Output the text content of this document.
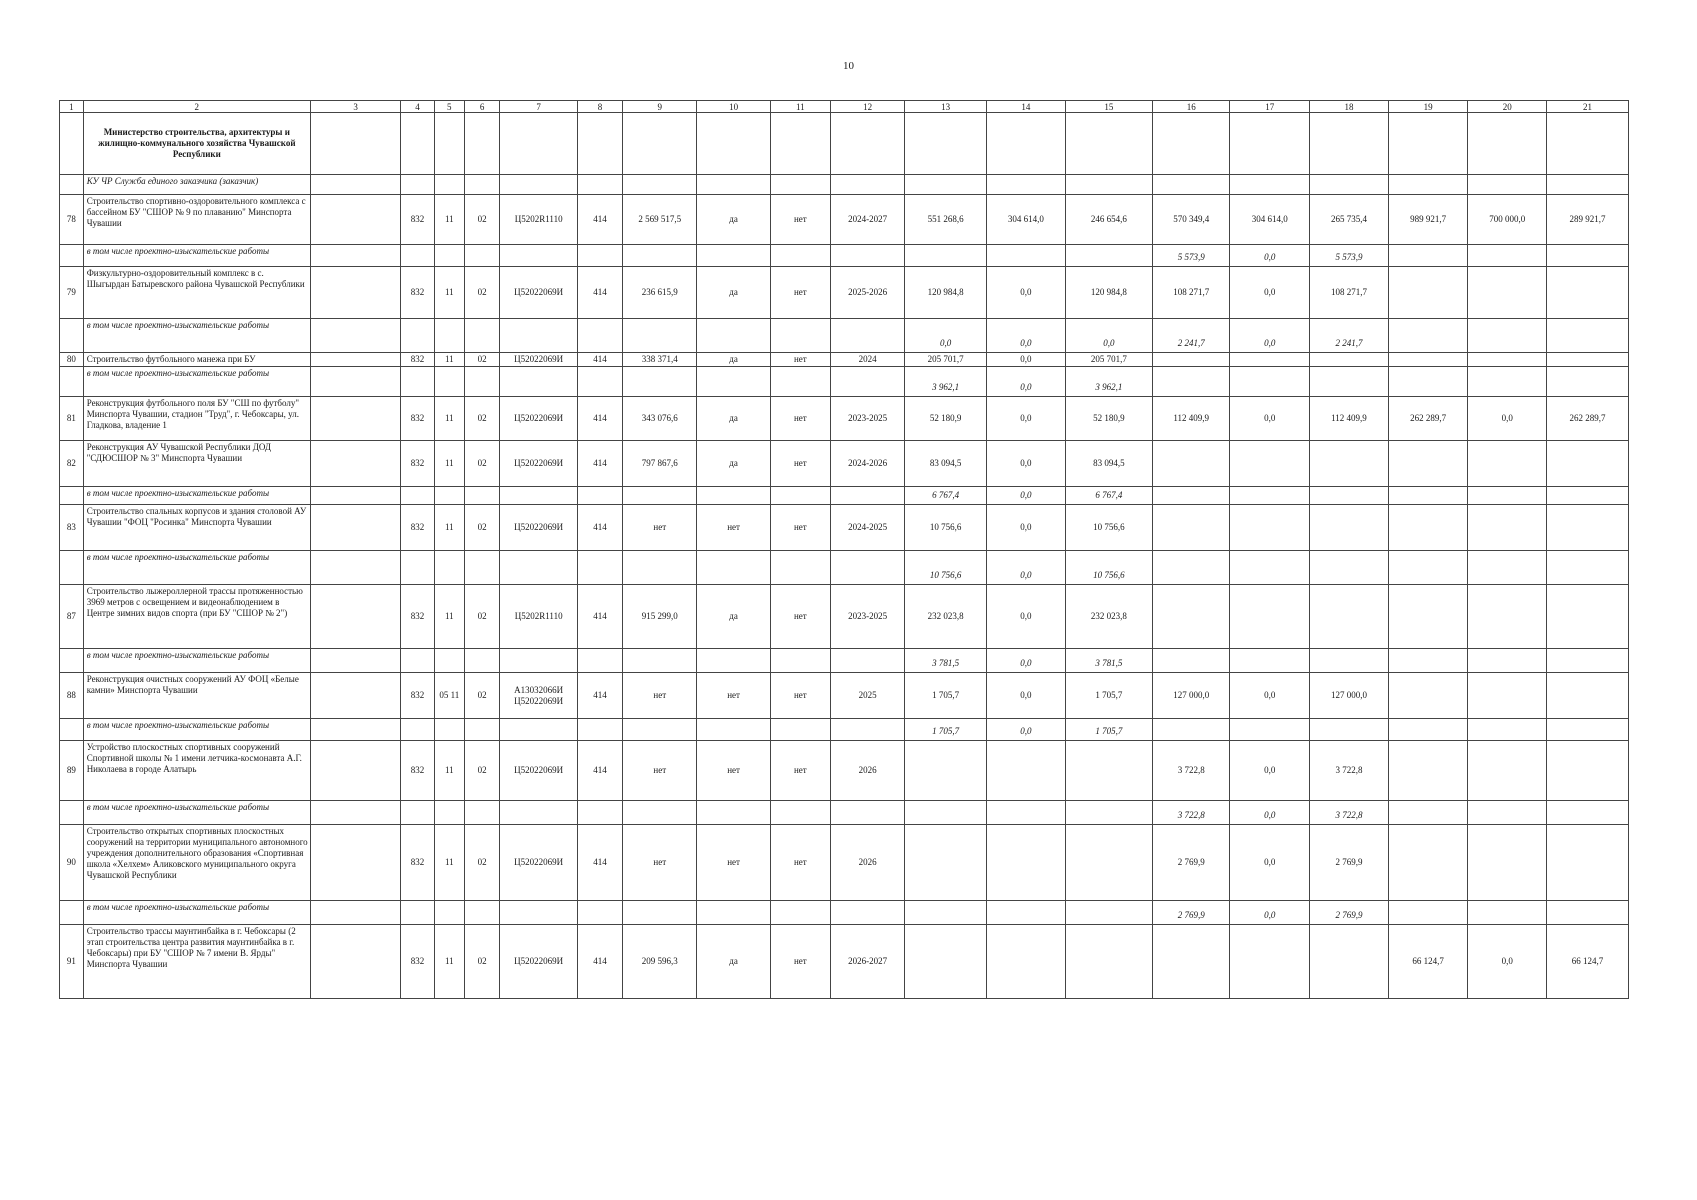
10
1	2	3	4	5	6	7	8	9	10	11	12	13	14	15	16	17	18	19	20	21
	Министерство строительства, архитектуры и жилищно-коммунального хозяйства Чувашской Республики																			
	КУ ЧР Служба единого заказчика (заказчик)																			
78	Строительство спортивно-оздоровительного комплекса с бассейном БУ "СШОР № 9 по плаванию" Минспорта Чувашии		832	11	02	Ц5202R1110	414	2 569 517,5	да	нет	2024-2027	551 268,6	304 614,0	246 654,6	570 349,4	304 614,0	265 735,4	989 921,7	700 000,0	289 921,7
	в том числе проектно-изыскательские работы														5 573,9	0,0	5 573,9			
79	Физкультурно-оздоровительный комплекс в с. Шыгырдан Батыревского района Чувашской Республики		832	11	02	Ц52022069И	414	236 615,9	да	нет	2025-2026	120 984,8	0,0	120 984,8	108 271,7	0,0	108 271,7			
	в том числе проектно-изыскательские работы											0,0	0,0	0,0	2 241,7	0,0	2 241,7			
80	Строительство футбольного манежа при БУ		832	11	02	Ц52022069И	414	338 371,4	да	нет	2024	205 701,7	0,0	205 701,7						
	в том числе проектно-изыскательские работы											3 962,1	0,0	3 962,1						
81	Реконструкция футбольного поля БУ "СШ по футболу" Минспорта Чувашии, стадион "Труд", г. Чебоксары, ул. Гладкова, владение 1		832	11	02	Ц52022069И	414	343 076,6	да	нет	2023-2025	52 180,9	0,0	52 180,9	112 409,9	0,0	112 409,9	262 289,7	0,0	262 289,7
82	Реконструкция АУ Чувашской Республики ДОД "СДЮСШОР № 3" Минспорта Чувашии		832	11	02	Ц52022069И	414	797 867,6	да	нет	2024-2026	83 094,5	0,0	83 094,5						
	в том числе проектно-изыскательские работы											6 767,4	0,0	6 767,4						
83	Строительство спальных корпусов и здания столовой АУ Чувашии "ФОЦ "Росинка" Минспорта Чувашии		832	11	02	Ц52022069И	414	нет	нет	нет	2024-2025	10 756,6	0,0	10 756,6						
	в том числе проектно-изыскательские работы											10 756,6	0,0	10 756,6						
87	Строительство лыжероллерной трассы протяженностью 3969 метров с освещением и видеонаблюдением в Центре зимних видов спорта (при БУ "СШОР № 2")		832	11	02	Ц5202R1110	414	915 299,0	да	нет	2023-2025	232 023,8	0,0	232 023,8						
	в том числе проектно-изыскательские работы											3 781,5	0,0	3 781,5						
88	Реконструкция очистных сооружений АУ ФОЦ «Белые камни» Минспорта Чувашии		832	05 11	02	А13032066И Ц52022069И	414	нет	нет	нет	2025	1 705,7	0,0	1 705,7	127 000,0	0,0	127 000,0			
	в том числе проектно-изыскательские работы											1 705,7	0,0	1 705,7						
89	Устройство плоскостных спортивных сооружений Спортивной школы № 1 имени летчика-космонавта А.Г. Николаева в городе Алатырь		832	11	02	Ц52022069И	414	нет	нет	нет	2026				3 722,8	0,0	3 722,8			
	в том числе проектно-изыскательские работы														3 722,8	0,0	3 722,8			
90	Строительство открытых спортивных плоскостных сооружений на территории муниципального автономного учреждения дополнительного образования «Спортивная школа «Хелхем» Аликовского муниципального округа Чувашской Республики		832	11	02	Ц52022069И	414	нет	нет	нет	2026				2 769,9	0,0	2 769,9			
	в том числе проектно-изыскательские работы														2 769,9	0,0	2 769,9			
91	Строительство трассы маунтинбайка в г. Чебоксары (2 этап строительства центра развития маунтинбайка в г. Чебоксары) при БУ "СШОР № 7 имени В. Ярды" Минспорта Чувашии		832	11	02	Ц52022069И	414	209 596,3	да	нет	2026-2027							66 124,7	0,0	66 124,7
